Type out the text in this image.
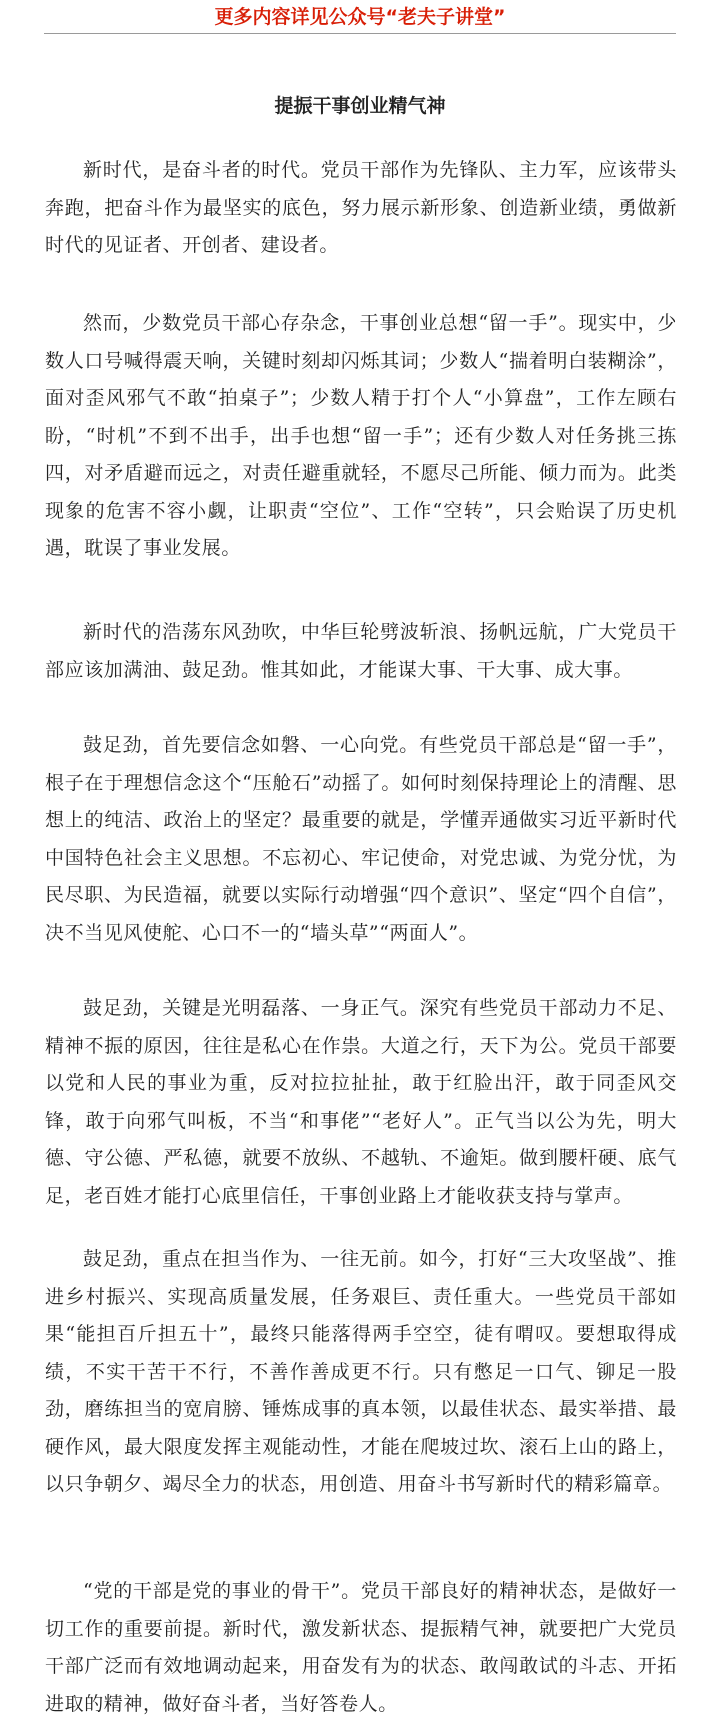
更多内容详见公众号“老夫子讲堂”
提振干事创业精气神

新时代，是奋斗者的时代。党员干部作为先锋队、主力军，应该带头奔跑，把奋斗作为最坚实的底色，努力展示新形象、创造新业绩，勇做新时代的见证者、开创者、建设者。

然而，少数党员干部心存杂念，干事创业总想“留一手”。现实中，少数人口号喊得震天响，关键时刻却闪烁其词；少数人“揣着明白装糊涂”，面对歪风邪气不敢“拍桌子”；少数人精于打个人“小算盘”，工作左顾右盼，“时机”不到不出手，出手也想“留一手”；还有少数人对任务挑三拣四，对矛盾避而远之，对责任避重就轻，不愿尽己所能、倾力而为。此类现象的危害不容小觑，让职责“空位”、工作“空转”，只会贻误了历史机遇，耽误了事业发展。

新时代的浩荡东风劲吹，中华巨轮劈波斩浪、扬帆远航，广大党员干部应该加满油、鼓足劲。惟其如此，才能谋大事、干大事、成大事。

鼓足劲，首先要信念如磐、一心向党。有些党员干部总是“留一手”，根子在于理想信念这个“压舱石”动摇了。如何时刻保持理论上的清醒、思想上的纯洁、政治上的坚定？最重要的就是，学懂弄通做实习近平新时代中国特色社会主义思想。不忘初心、牢记使命，对党忠诚、为党分忧，为民尽职、为民造福，就要以实际行动增强“四个意识”、坚定“四个自信”，决不当见风使舵、心口不一的“墙头草”“两面人”。

鼓足劲，关键是光明磊落、一身正气。深究有些党员干部动力不足、精神不振的原因，往往是私心在作祟。大道之行，天下为公。党员干部要以党和人民的事业为重，反对拉拉扯扯，敢于红脸出汗，敢于同歪风交锋，敢于向邪气叫板，不当“和事佬”“老好人”。正气当以公为先，明大德、守公德、严私德，就要不放纵、不越轨、不逾矩。做到腰杆硬、底气足，老百姓才能打心底里信任，干事创业路上才能收获支持与掌声。

鼓足劲，重点在担当作为、一往无前。如今，打好“三大攻坚战”、推进乡村振兴、实现高质量发展，任务艰巨、责任重大。一些党员干部如果“能担百斤担五十”，最终只能落得两手空空，徒有喟叹。要想取得成绩，不实干苦干不行，不善作善成更不行。只有憋足一口气、铆足一股劲，磨练担当的宽肩膀、锤炼成事的真本领，以最佳状态、最实举措、最硬作风，最大限度发挥主观能动性，才能在爬坡过坎、滚石上山的路上，以只争朝夕、竭尽全力的状态，用创造、用奋斗书写新时代的精彩篇章。

“党的干部是党的事业的骨干”。党员干部良好的精神状态，是做好一切工作的重要前提。新时代，激发新状态、提振精气神，就要把广大党员干部广泛而有效地调动起来，用奋发有为的状态、敢闯敢试的斗志、开拓进取的精神，做好奋斗者，当好答卷人。
